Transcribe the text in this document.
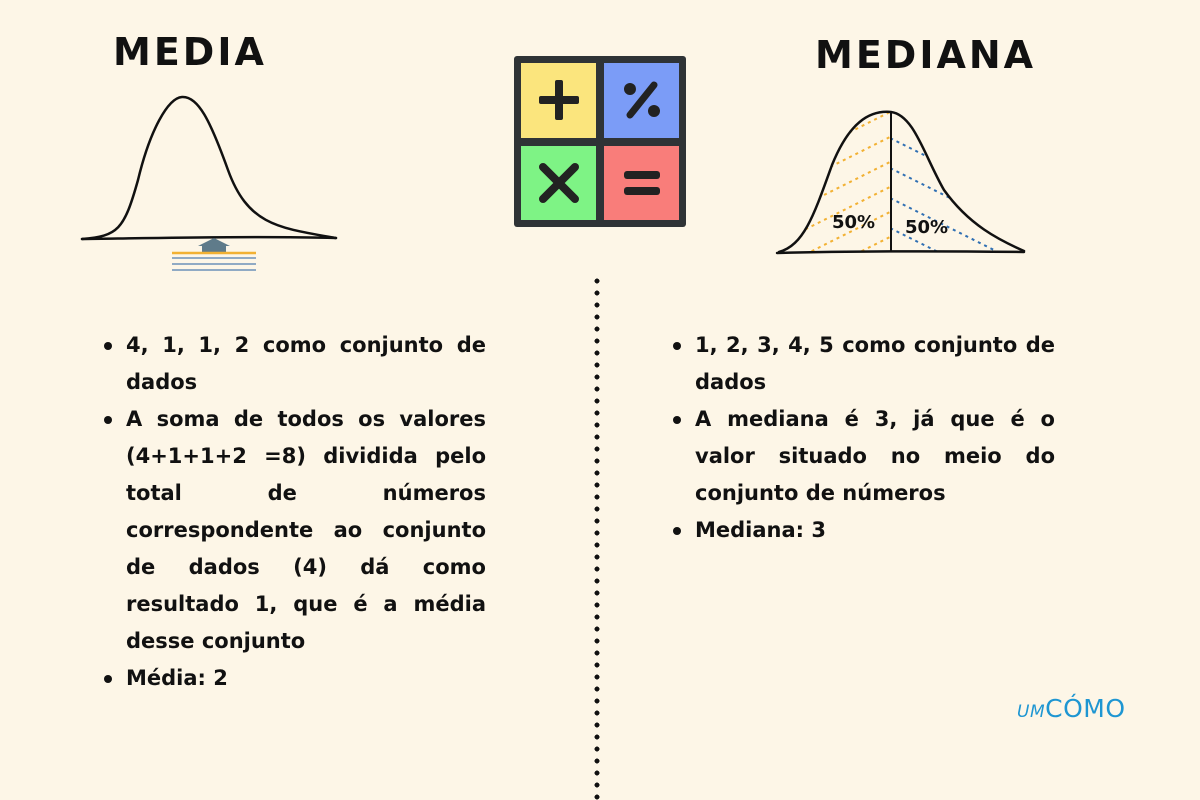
MEDIA	MEDIANA
50% 50%
4, 1, 1, 2 como conjunto de dados
A soma de todos os valores (4+1+1+2 =8) dividida pelo total de números correspondente ao conjunto de dados (4) dá como resultado 1, que é a média desse conjunto
Média: 2
1, 2, 3, 4, 5 como conjunto de dados
A mediana é 3, já que é o valor situado no meio do conjunto de números
Mediana: 3
UM CÓMO
